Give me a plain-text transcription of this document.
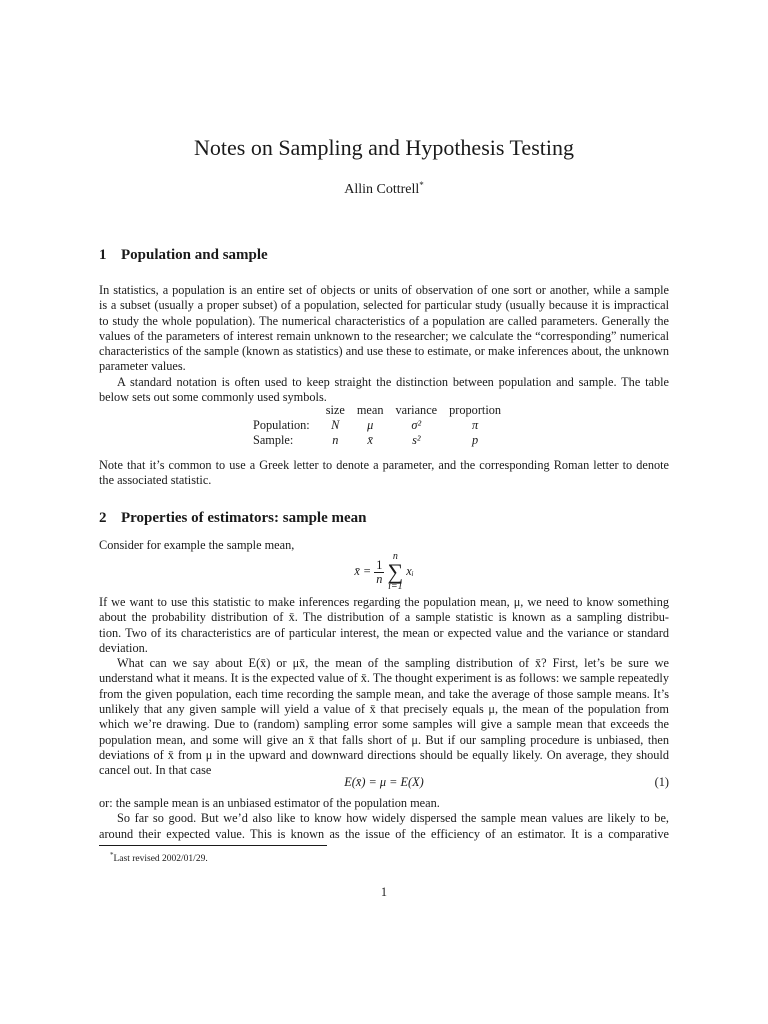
Notes on Sampling and Hypothesis Testing
Allin Cottrell*
1 Population and sample
In statistics, a population is an entire set of objects or units of observation of one sort or another, while a sample
is a subset (usually a proper subset) of a population, selected for particular study (usually because it is impractical
to study the whole population). The numerical characteristics of a population are called parameters. Generally the
values of the parameters of interest remain unknown to the researcher; we calculate the “corresponding” numerical
characteristics of the sample (known as statistics) and use these to estimate, or make inferences about, the unknown
parameter values.
A standard notation is often used to keep straight the distinction between population and sample. The table
below sets out some commonly used symbols.
	size	mean	variance	proportion
Population:	N	μ	σ²	π
Sample:	n	x̄	s²	p
Note that it’s common to use a Greek letter to denote a parameter, and the corresponding Roman letter to denote
the associated statistic.
2 Properties of estimators: sample mean
Consider for example the sample mean,
x̄ = $\frac{1}{n}$
n
∑
i=1 xᵢ
If we want to use this statistic to make inferences regarding the population mean, μ, we need to know something
about the probability distribution of x̄. The distribution of a sample statistic is known as a sampling distribu-
tion. Two of its characteristics are of particular interest, the mean or expected value and the variance or standard
deviation.
What can we say about E(x̄) or μx̄, the mean of the sampling distribution of x̄? First, let’s be sure we
understand what it means. It is the expected value of x̄. The thought experiment is as follows: we sample repeatedly
from the given population, each time recording the sample mean, and take the average of those sample means. It’s
unlikely that any given sample will yield a value of x̄ that precisely equals μ, the mean of the population from
which we’re drawing. Due to (random) sampling error some samples will give a sample mean that exceeds the
population mean, and some will give an x̄ that falls short of μ. But if our sampling procedure is unbiased, then
deviations of x̄ from μ in the upward and downward directions should be equally likely. On average, they should
cancel out. In that case
E(x̄) = μ = E(X)	(1)
or: the sample mean is an unbiased estimator of the population mean.
So far so good. But we’d also like to know how widely dispersed the sample mean values are likely to be,
around their expected value. This is known as the issue of the efficiency of an estimator. It is a comparative
*Last revised 2002/01/29.
1
